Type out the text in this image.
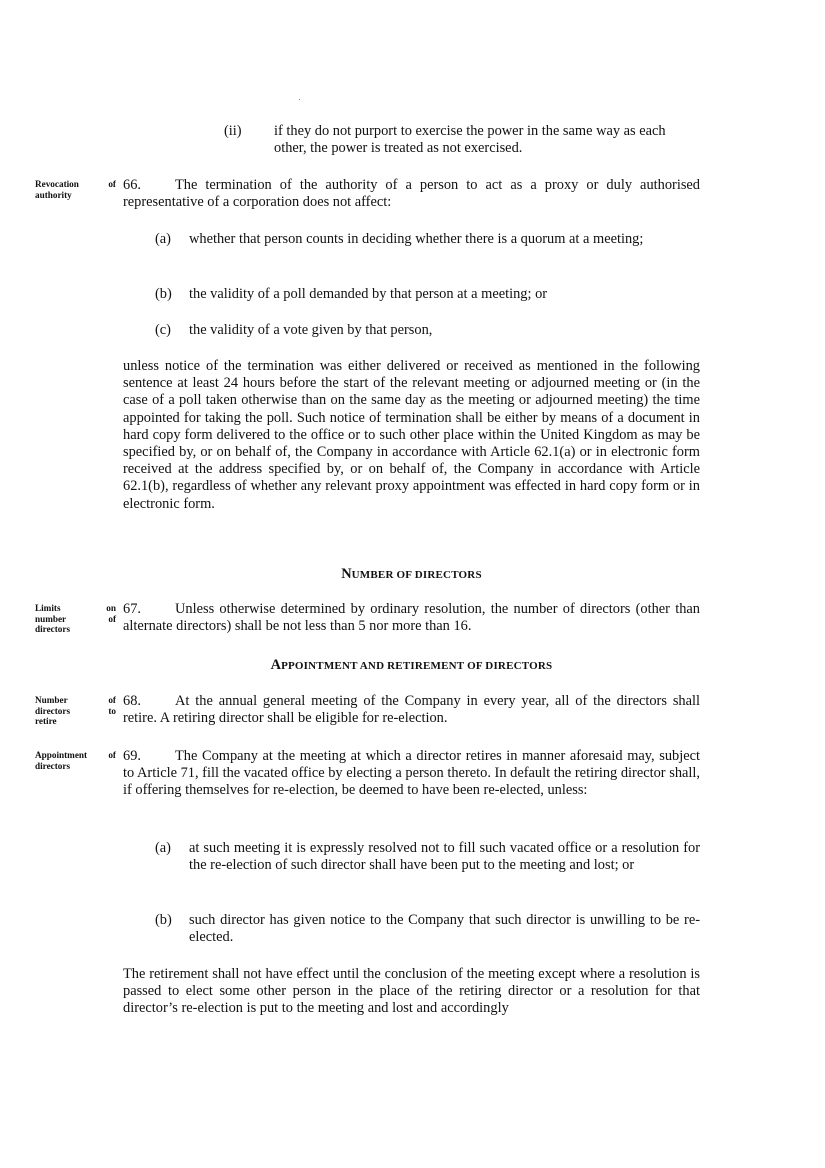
(ii) if they do not purport to exercise the power in the same way as each other, the power is treated as not exercised.
Revocation of
authority
66. The termination of the authority of a person to act as a proxy or duly authorised representative of a corporation does not affect:
(a) whether that person counts in deciding whether there is a quorum at a meeting;
(b) the validity of a poll demanded by that person at a meeting; or
(c) the validity of a vote given by that person,
unless notice of the termination was either delivered or received as mentioned in the following sentence at least 24 hours before the start of the relevant meeting or adjourned meeting or (in the case of a poll taken otherwise than on the same day as the meeting or adjourned meeting) the time appointed for taking the poll. Such notice of termination shall be either by means of a document in hard copy form delivered to the office or to such other place within the United Kingdom as may be specified by, or on behalf of, the Company in accordance with Article 62.1(a) or in electronic form received at the address specified by, or on behalf of, the Company in accordance with Article 62.1(b), regardless of whether any relevant proxy appointment was effected in hard copy form or in electronic form.
NUMBER OF DIRECTORS
Limits on
number of
directors
67. Unless otherwise determined by ordinary resolution, the number of directors (other than alternate directors) shall be not less than 5 nor more than 16.
APPOINTMENT AND RETIREMENT OF DIRECTORS
Number of
directors to
retire
68. At the annual general meeting of the Company in every year, all of the directors shall retire. A retiring director shall be eligible for re-election.
Appointment of
directors
69. The Company at the meeting at which a director retires in manner aforesaid may, subject to Article 71, fill the vacated office by electing a person thereto. In default the retiring director shall, if offering themselves for re-election, be deemed to have been re-elected, unless:
(a) at such meeting it is expressly resolved not to fill such vacated office or a resolution for the re-election of such director shall have been put to the meeting and lost; or
(b) such director has given notice to the Company that such director is unwilling to be re-elected.
The retirement shall not have effect until the conclusion of the meeting except where a resolution is passed to elect some other person in the place of the retiring director or a resolution for that director’s re-election is put to the meeting and lost and accordingly
